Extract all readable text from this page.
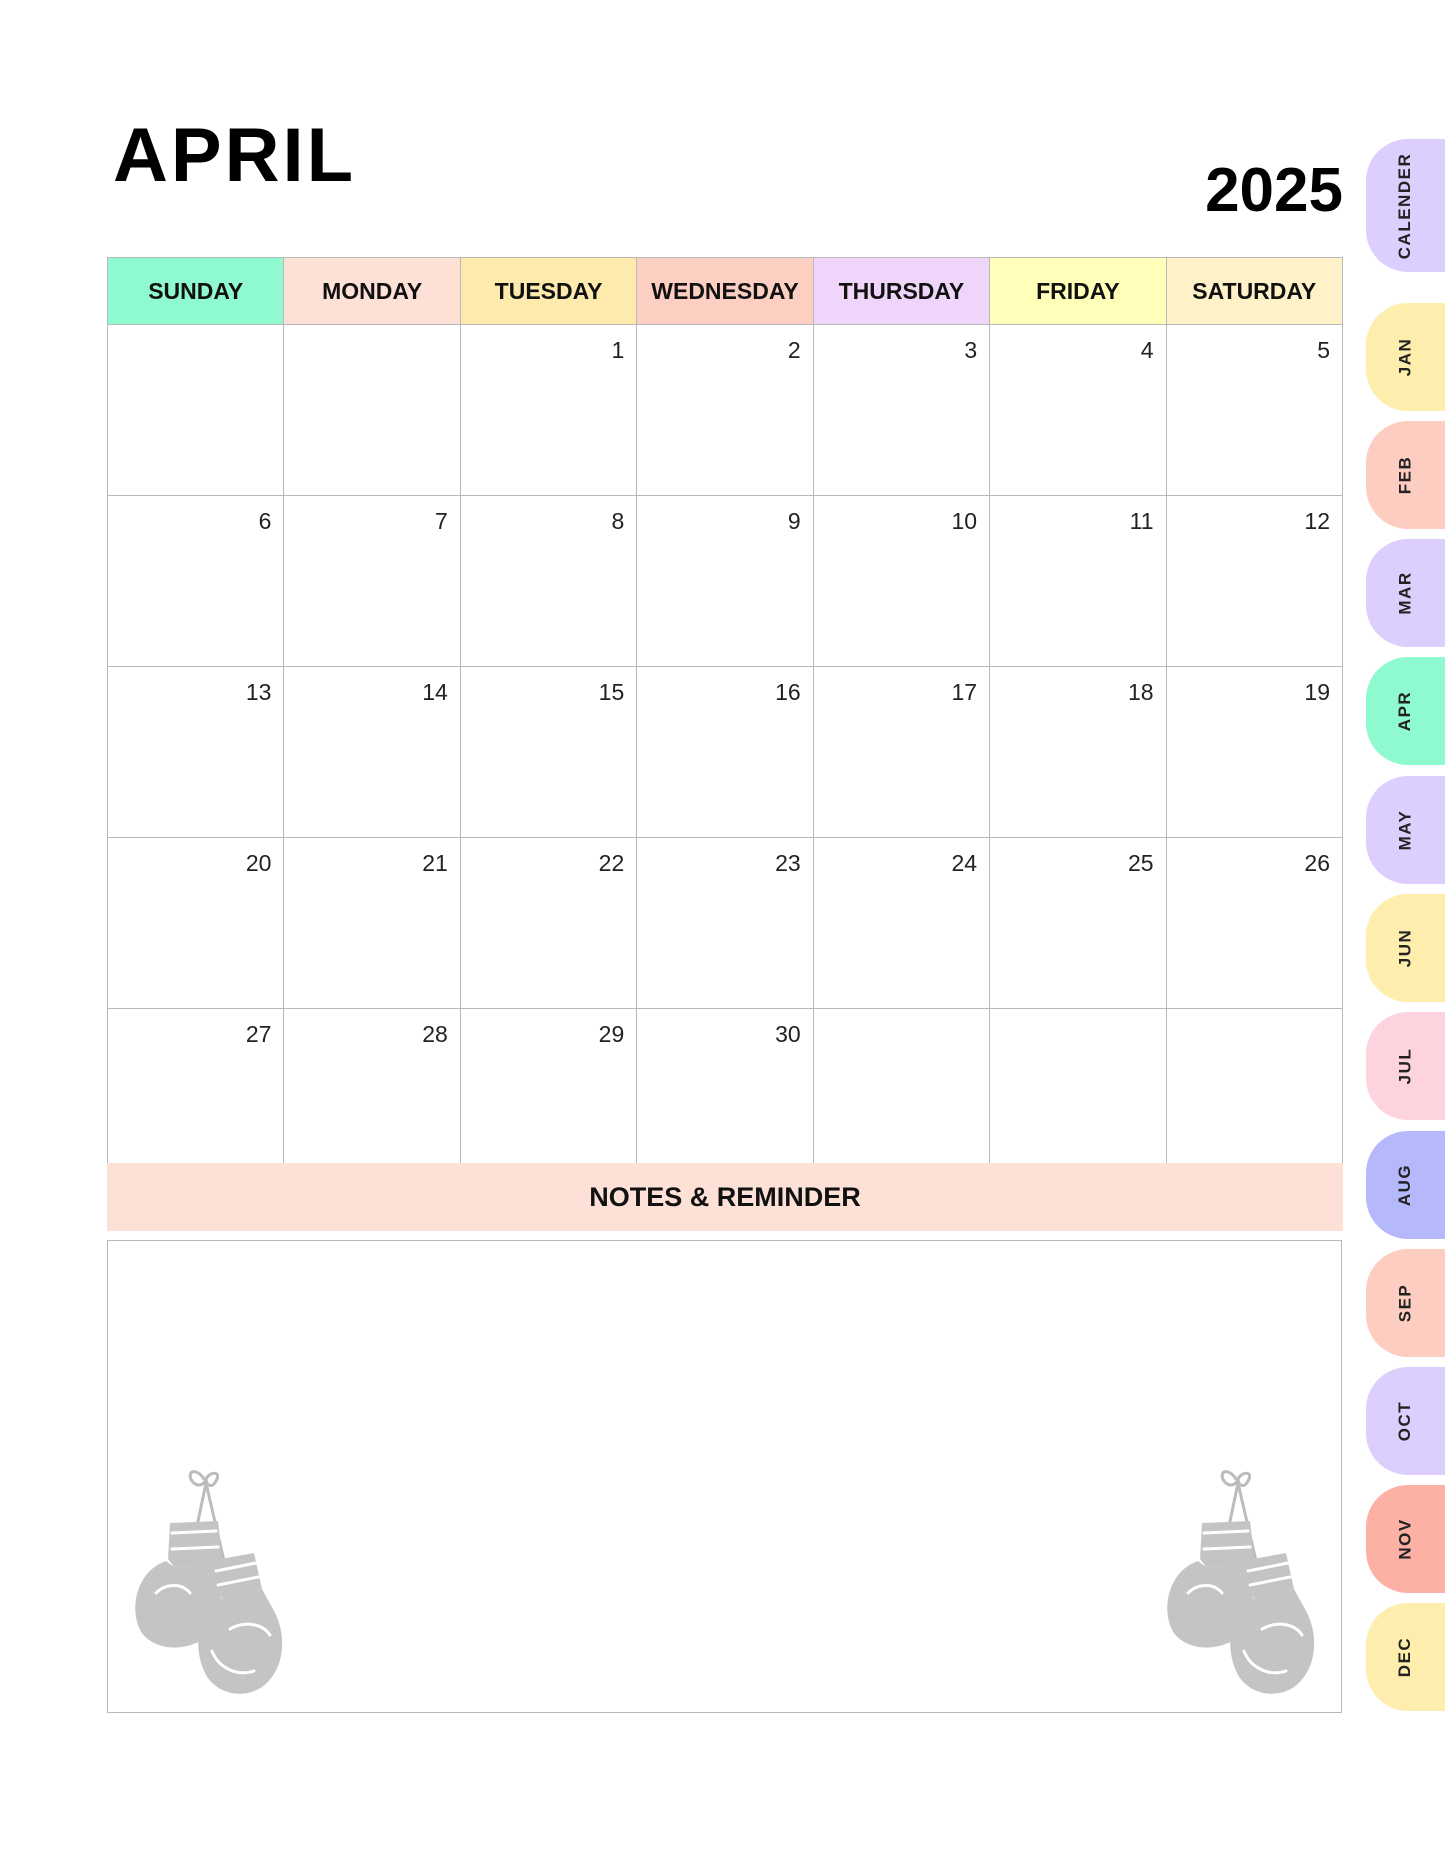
APRIL	2025
SUNDAY	MONDAY	TUESDAY	WEDNESDAY	THURSDAY	FRIDAY	SATURDAY
		1	2	3	4	5
6	7	8	9	10	11	12
13	14	15	16	17	18	19
20	21	22	23	24	25	26
27	28	29	30			
NOTES & REMINDER
CALENDER
JAN
FEB
MAR
APR
MAY
JUN
JUL
AUG
SEP
OCT
NOV
DEC
